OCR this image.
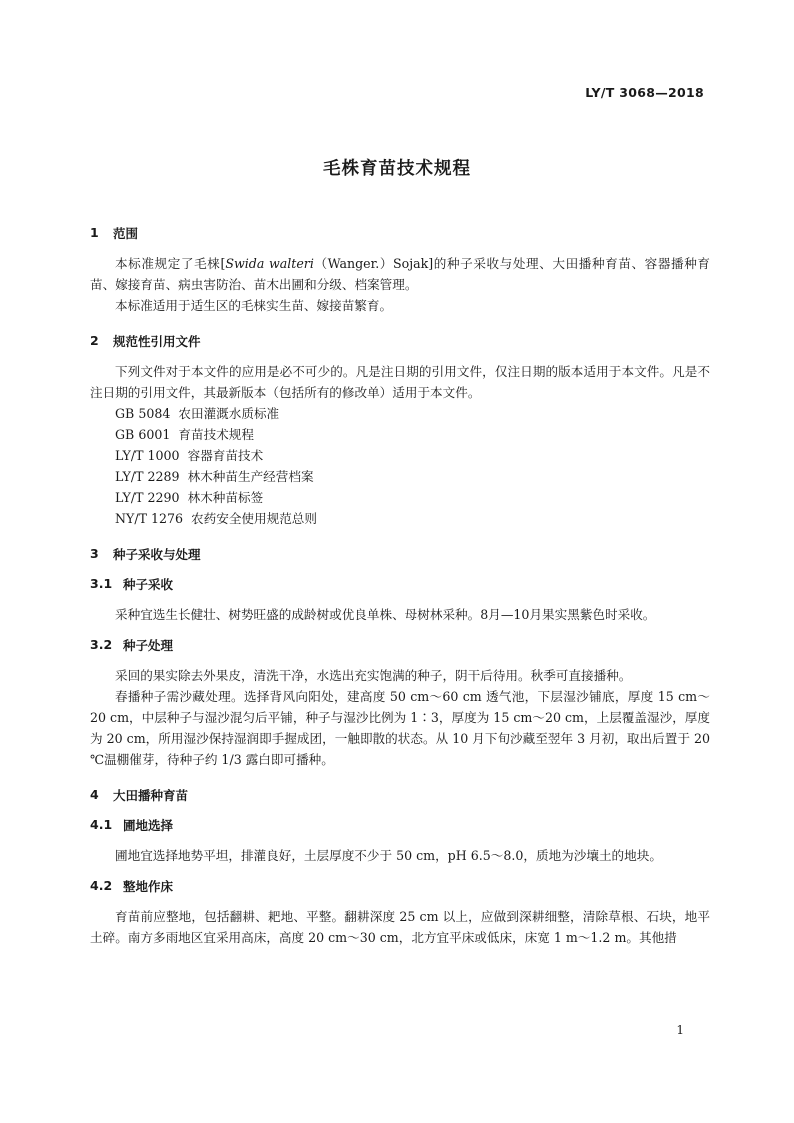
LY/T 3068—2018
毛株育苗技术规程
1	范围

本标准规定了毛梾[Swida walteri（Wanger.）Sojak]的种子采收与处理、大田播种育苗、容器播种育苗、嫁接育苗、病虫害防治、苗木出圃和分级、档案管理。

本标准适用于适生区的毛梾实生苗、嫁接苗繁育。

2	规范性引用文件

下列文件对于本文件的应用是必不可少的。凡是注日期的引用文件，仅注日期的版本适用于本文件。凡是不注日期的引用文件，其最新版本（包括所有的修改单）适用于本文件。

GB 5084 农田灌溉水质标准
GB 6001 育苗技术规程
LY/T 1000 容器育苗技术
LY/T 2289 林木种苗生产经营档案
LY/T 2290 林木种苗标签
NY/T 1276 农药安全使用规范总则
3	种子采收与处理
3.1 种子采收

采种宜选生长健壮、树势旺盛的成龄树或优良单株、母树林采种。8月—10月果实黑紫色时采收。

3.2 种子处理

采回的果实除去外果皮，清洗干净，水选出充实饱满的种子，阴干后待用。秋季可直接播种。

春播种子需沙藏处理。选择背风向阳处，建高度 50 cm～60 cm 透气池，下层湿沙铺底，厚度 15 cm～20 cm，中层种子与湿沙混匀后平铺，种子与湿沙比例为 1∶3，厚度为 15 cm～20 cm，上层覆盖湿沙，厚度为 20 cm，所用湿沙保持湿润即手握成团，一触即散的状态。从 10 月下旬沙藏至翌年 3 月初，取出后置于 20 ℃温棚催芽，待种子约 1/3 露白即可播种。

4	大田播种育苗
4.1 圃地选择

圃地宜选择地势平坦，排灌良好，土层厚度不少于 50 cm，pH 6.5～8.0，质地为沙壤土的地块。

4.2 整地作床

育苗前应整地，包括翻耕、耙地、平整。翻耕深度 25 cm 以上，应做到深耕细整，清除草根、石块，地平土碎。南方多雨地区宜采用高床，高度 20 cm～30 cm，北方宜平床或低床，床宽 1 m～1.2 m。其他措

1
